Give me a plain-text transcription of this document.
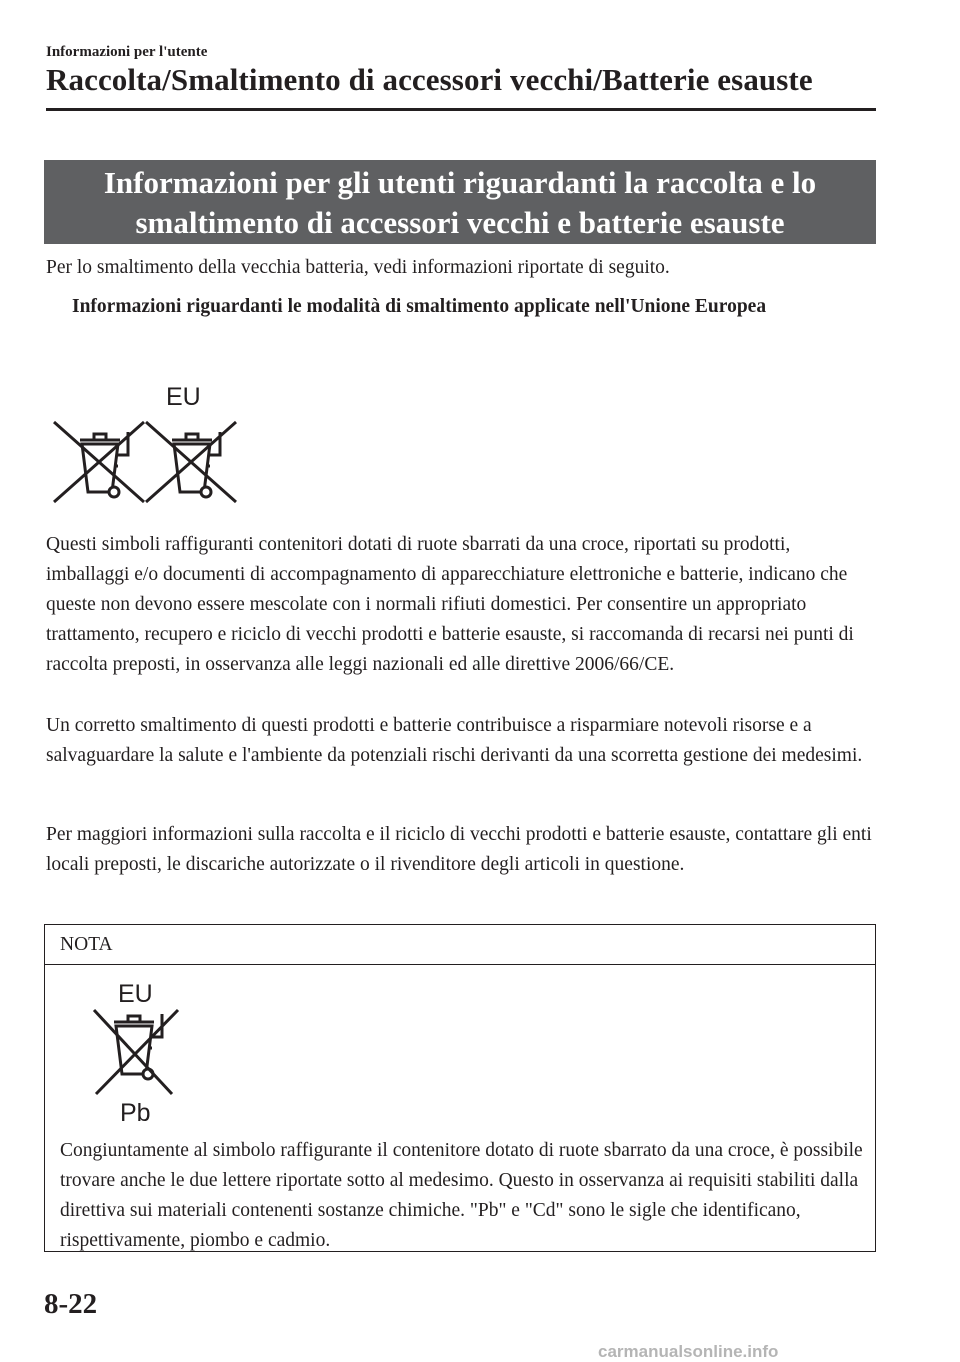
Informazioni per l'utente
Raccolta/Smaltimento di accessori vecchi/Batterie esauste
Informazioni per gli utenti riguardanti la raccolta e lo
smaltimento di accessori vecchi e batterie esauste
Per lo smaltimento della vecchia batteria, vedi informazioni riportate di seguito.
Informazioni riguardanti le modalità di smaltimento applicate nell'Unione Europea
EU
Questi simboli raffiguranti contenitori dotati di ruote sbarrati da una croce, riportati su prodotti, imballaggi e/o documenti di accompagnamento di apparecchiature elettroniche e batterie, indicano che queste non devono essere mescolate con i normali rifiuti domestici. Per consentire un appropriato trattamento, recupero e riciclo di vecchi prodotti e batterie esauste, si raccomanda di recarsi nei punti di raccolta preposti, in osservanza alle leggi nazionali ed alle direttive 2006/66/CE.
Un corretto smaltimento di questi prodotti e batterie contribuisce a risparmiare notevoli risorse e a salvaguardare la salute e l'ambiente da potenziali rischi derivanti da una scorretta gestione dei medesimi.
Per maggiori informazioni sulla raccolta e il riciclo di vecchi prodotti e batterie esauste, contattare gli enti locali preposti, le discariche autorizzate o il rivenditore degli articoli in questione.
NOTA
EU
Pb
Congiuntamente al simbolo raffigurante il contenitore dotato di ruote sbarrato da una croce, è possibile trovare anche le due lettere riportate sotto al medesimo. Questo in osservanza ai requisiti stabiliti dalla direttiva sui materiali contenenti sostanze chimiche. "Pb" e "Cd" sono le sigle che identificano, rispettivamente, piombo e cadmio.
8-22
carmanualsonline.info
